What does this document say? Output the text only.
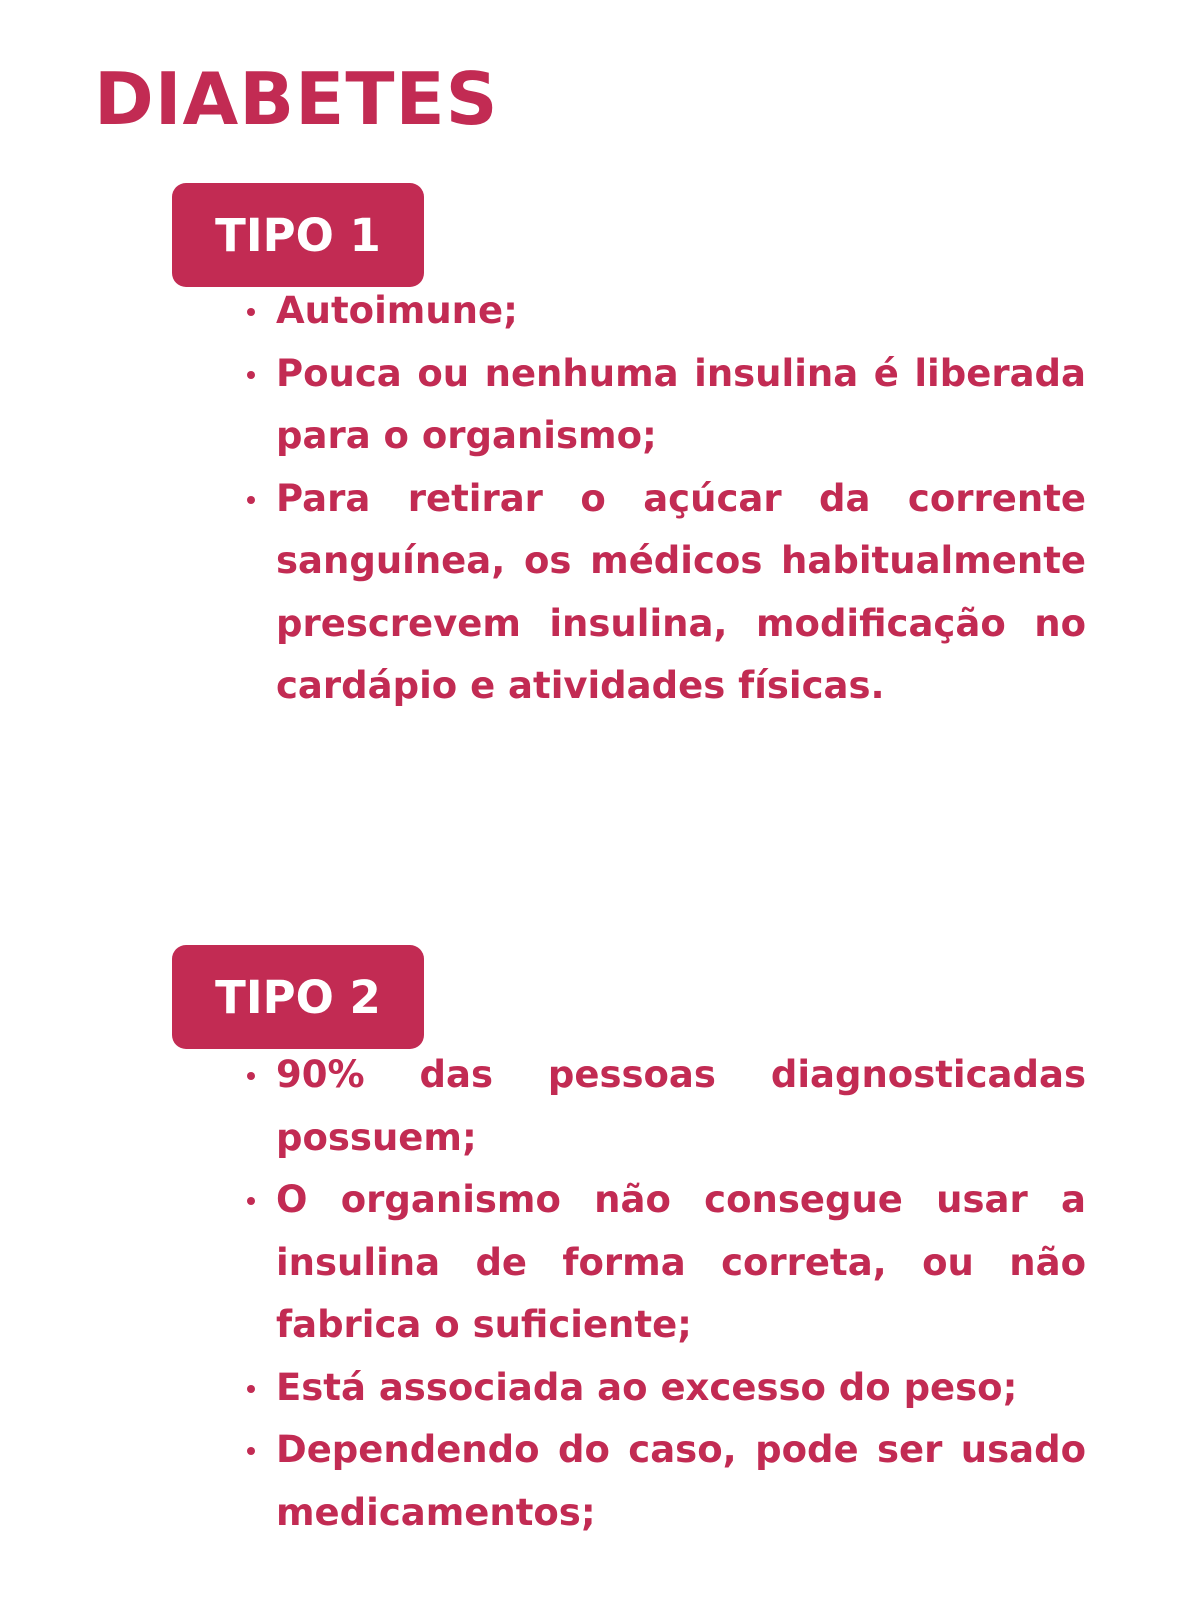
DIABETES
TIPO 1
Autoimune;
Pouca ou nenhuma insulina é liberada para o organismo;
Para retirar o açúcar da corrente sanguínea, os médicos habitualmente prescrevem insulina, modificação no cardápio e atividades físicas.
TIPO 2
90% das pessoas diagnosticadas possuem;
O organismo não consegue usar a insulina de forma correta, ou não fabrica o suficiente;
Está associada ao excesso do peso;
Dependendo do caso, pode ser usado medicamentos;
